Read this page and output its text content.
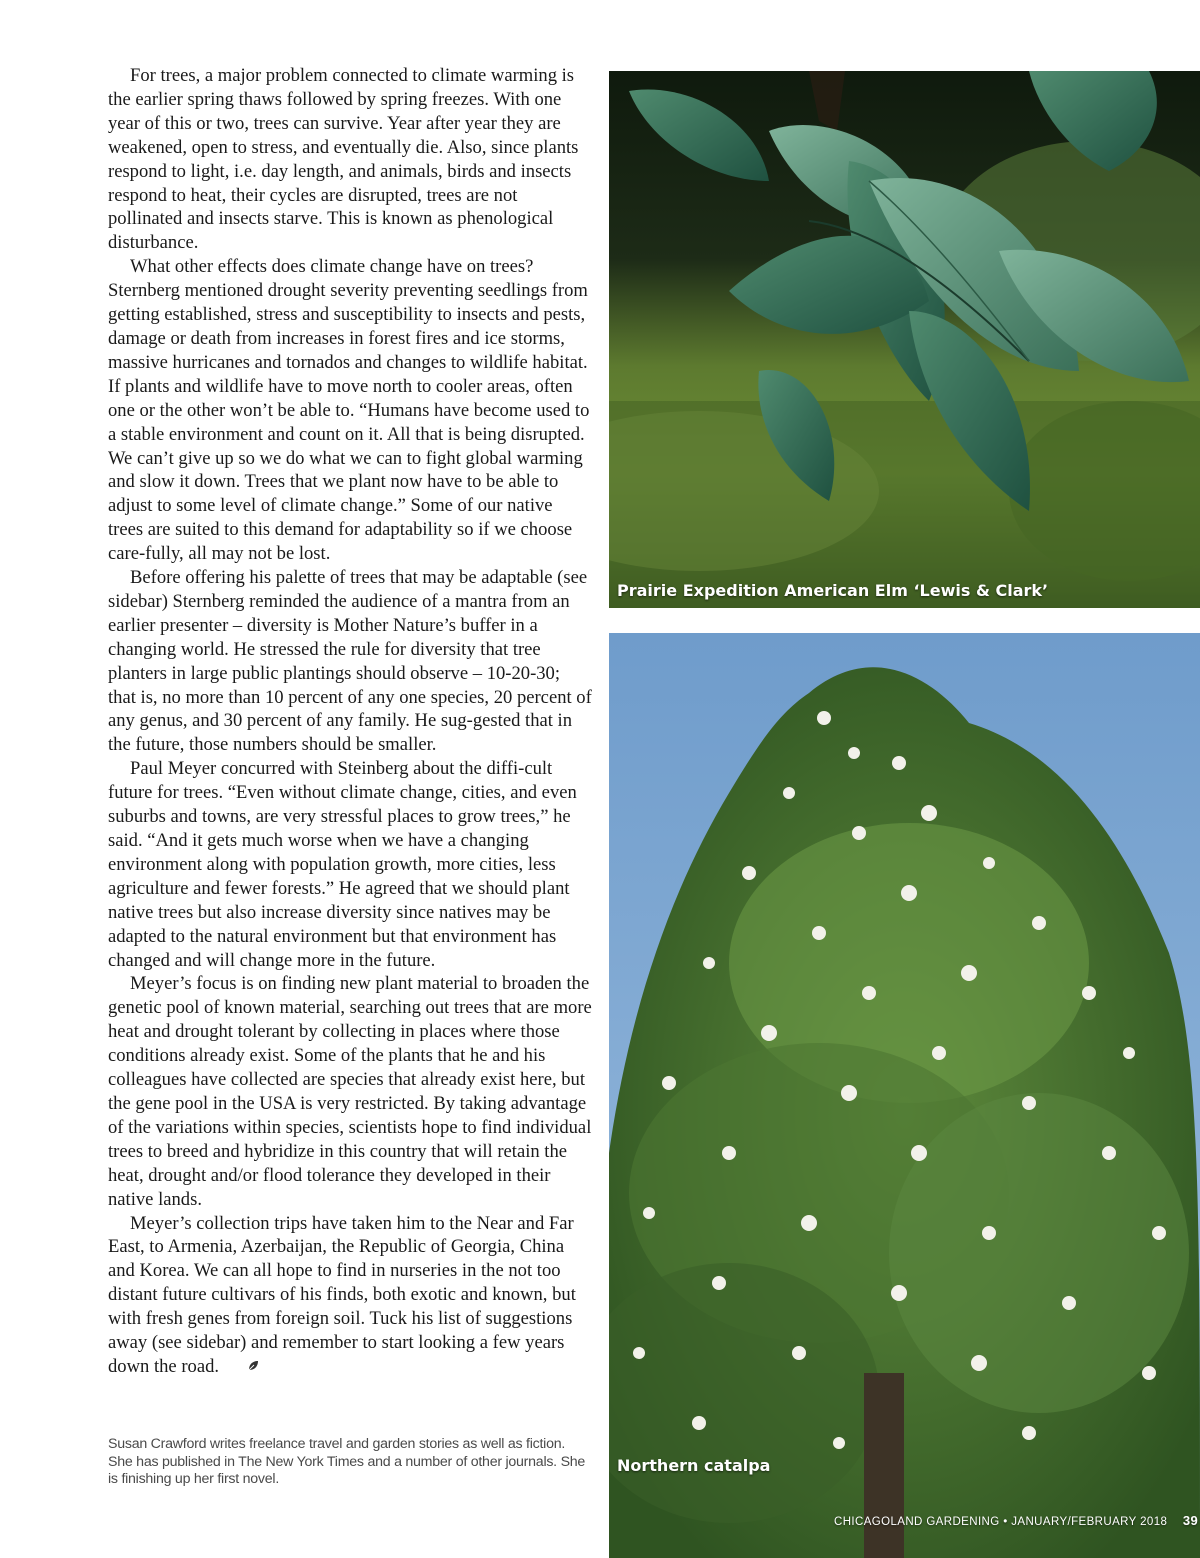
For trees, a major problem connected to climate warming is the earlier spring thaws followed by spring freezes. With one year of this or two, trees can survive. Year after year they are weakened, open to stress, and eventually die. Also, since plants respond to light, i.e. day length, and animals, birds and insects respond to heat, their cycles are disrupted, trees are not pollinated and insects starve. This is known as phenological disturbance.

What other effects does climate change have on trees? Sternberg mentioned drought severity preventing seedlings from getting established, stress and susceptibility to insects and pests, damage or death from increases in forest fires and ice storms, massive hurricanes and tornados and changes to wildlife habitat. If plants and wildlife have to move north to cooler areas, often one or the other won’t be able to. “Humans have become used to a stable environment and count on it. All that is being disrupted. We can’t give up so we do what we can to fight global warming and slow it down. Trees that we plant now have to be able to adjust to some level of climate change.” Some of our native trees are suited to this demand for adaptability so if we choose care-fully, all may not be lost.

Before offering his palette of trees that may be adaptable (see sidebar) Sternberg reminded the audience of a mantra from an earlier presenter – diversity is Mother Nature’s buffer in a changing world. He stressed the rule for diversity that tree planters in large public plantings should observe – 10-20-30; that is, no more than 10 percent of any one species, 20 percent of any genus, and 30 percent of any family. He sug-gested that in the future, those numbers should be smaller.

Paul Meyer concurred with Steinberg about the diffi-cult future for trees. “Even without climate change, cities, and even suburbs and towns, are very stressful places to grow trees,” he said. “And it gets much worse when we have a changing environment along with population growth, more cities, less agriculture and fewer forests.” He agreed that we should plant native trees but also increase diversity since natives may be adapted to the natural environment but that environment has changed and will change more in the future.

Meyer’s focus is on finding new plant material to broaden the genetic pool of known material, searching out trees that are more heat and drought tolerant by collecting in places where those conditions already exist. Some of the plants that he and his colleagues have collected are species that already exist here, but the gene pool in the USA is very restricted. By taking advantage of the variations within species, scientists hope to find individual trees to breed and hybridize in this country that will retain the heat, drought and/or flood tolerance they developed in their native lands.

Meyer’s collection trips have taken him to the Near and Far East, to Armenia, Azerbaijan, the Republic of Georgia, China and Korea. We can all hope to find in nurseries in the not too distant future cultivars of his finds, both exotic and known, but with fresh genes from foreign soil. Tuck his list of suggestions away (see sidebar) and remember to start looking a few years down the road.

Susan Crawford writes freelance travel and garden stories as well as fiction. She has published in The New York Times and a number of other journals. She is finishing up her first novel.

Prairie Expedition American Elm ‘Lewis & Clark’
Northern catalpa
CHICAGOLAND GARDENING • JANUARY/FEBRUARY 2018 39
